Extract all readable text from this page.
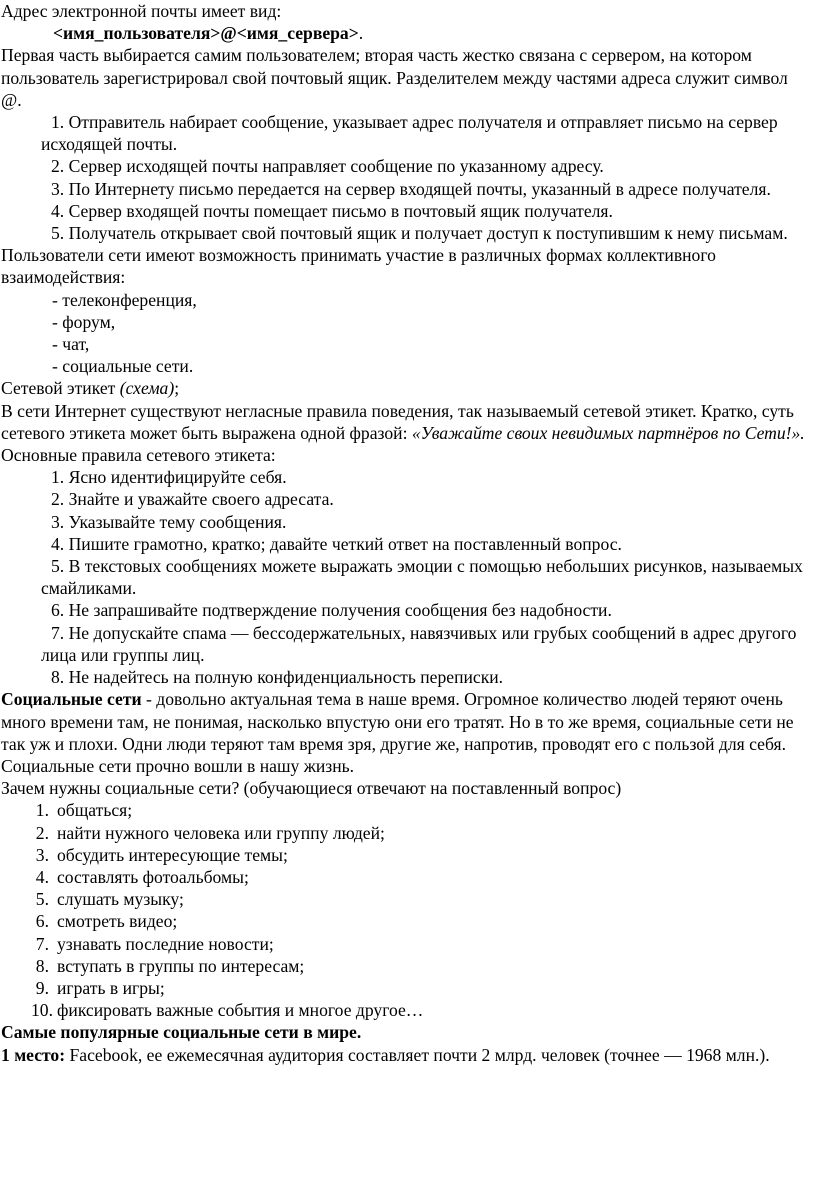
Адрес электронной почты имеет вид:

<имя_пользователя>@<имя_сервера>.

Первая часть выбирается самим пользователем; вторая часть жестко связана с сервером, на котором пользователь зарегистрировал свой почтовый ящик. Разделителем между частями адреса служит символ @.

1. Отправитель набирает сообщение, указывает адрес получателя и отправляет письмо на сервер исходящей почты.

2. Сервер исходящей почты направляет сообщение по указанному адресу.

3. По Интернету письмо передается на сервер входящей почты, указанный в адресе получателя.

4. Сервер входящей почты помещает письмо в почтовый ящик получателя.

5. Получатель открывает свой почтовый ящик и получает доступ к поступившим к нему письмам.

Пользователи сети имеют возможность принимать участие в различных формах коллективного взаимодействия:

- телеконференция,

- форум,

- чат,

- социальные сети.

Сетевой этикет (схема);

В сети Интернет существуют негласные правила поведения, так называемый сетевой этикет. Кратко, суть сетевого этикета может быть выражена одной фразой: «Уважайте своих невидимых партнёров по Сети!».

Основные правила сетевого этикета:

1. Ясно идентифицируйте себя.

2. Знайте и уважайте своего адресата.

3. Указывайте тему сообщения.

4. Пишите грамотно, кратко; давайте четкий ответ на поставленный вопрос.

5. В текстовых сообщениях можете выражать эмоции с помощью небольших рисунков, называемых смайликами.

6. Не запрашивайте подтверждение получения сообщения без надобности.

7. Не допускайте спама — бессодержательных, навязчивых или грубых сообщений в адрес другого лица или группы лиц.

8. Не надейтесь на полную конфиденциальность переписки.

Социальные сети - довольно актуальная тема в наше время. Огромное количество людей теряют очень много времени там, не понимая, насколько впустую они его тратят. Но в то же время, социальные сети не так уж и плохи. Одни люди теряют там время зря, другие же, напротив, проводят его с пользой для себя. Социальные сети прочно вошли в нашу жизнь.

Зачем нужны социальные сети? (обучающиеся отвечают на поставленный вопрос)

1. общаться;
2. найти нужного человека или группу людей;
3. обсудить интересующие темы;
4. составлять фотоальбомы;
5. слушать музыку;
6. смотреть видео;
7. узнавать последние новости;
8. вступать в группы по интересам;
9. играть в игры;
10. фиксировать важные события и многое другое…

Самые популярные социальные сети в мире.

1 место: Facebook, ее ежемесячная аудитория составляет почти 2 млрд. человек (точнее — 1968 млн.).
